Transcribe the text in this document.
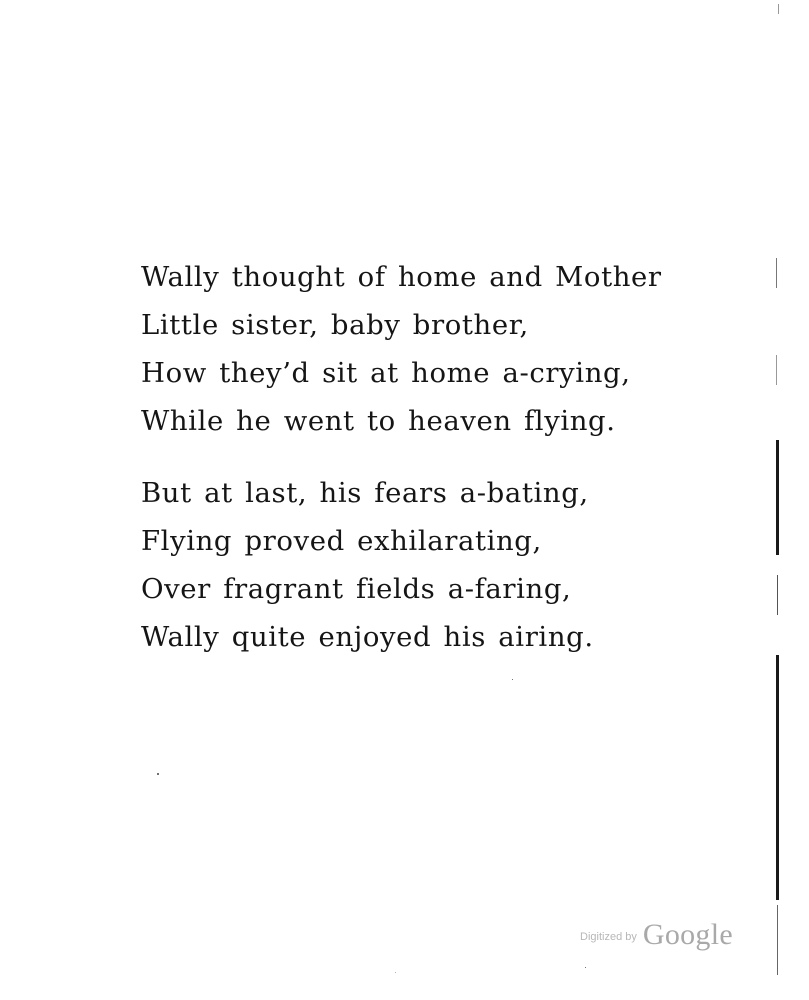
Wally thought of home and Mother
Little sister, baby brother,
How they’d sit at home a-crying,
While he went to heaven flying.
But at last, his fears a-bating,
Flying proved exhilarating,
Over fragrant fields a-faring,
Wally quite enjoyed his airing.
$^{Digitized by}$ Google
